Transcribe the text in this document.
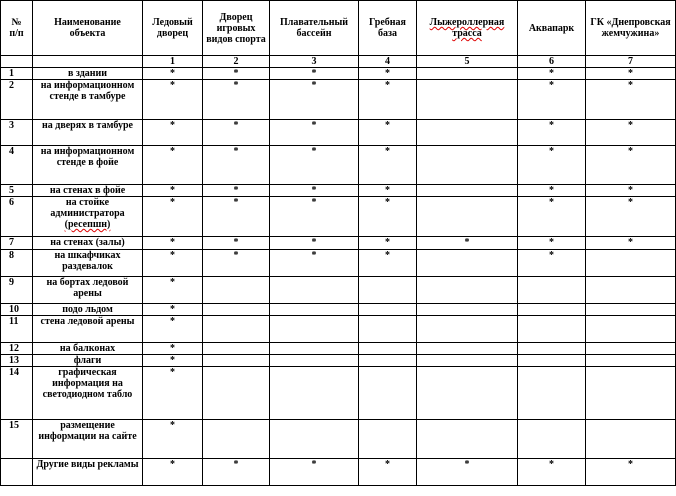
№
п/п	Наименование объекта	Ледовый дворец	Дворец игровых видов спорта	Плавательный бассейн	Гребная база	Лыжероллерная трасса	Аквапарк	ГК «Днепровская жемчужина»
		1	2	3	4	5	6	7
1	в здании	*	*	*	*		*	*
2	на информационном стенде в тамбуре	*	*	*	*		*	*
3	на дверях в тамбуре	*	*	*	*		*	*
4	на информационном стенде в фойе	*	*	*	*		*	*
5	на стенах в фойе	*	*	*	*		*	*
6	на стойке администратора (ресепшн)	*	*	*	*		*	*
7	на стенах (залы)	*	*	*	*	*	*	*
8	на шкафчиках раздевалок	*	*	*	*		*	
9	на бортах ледовой арены	*						
10	подо льдом	*						
11	стена ледовой арены	*						
12	на балконах	*						
13	флаги	*						
14	графическая информация на светодиодном табло	*						
15	размещение информации на сайте	*						
	Другие виды рекламы	*	*	*	*	*	*	*
